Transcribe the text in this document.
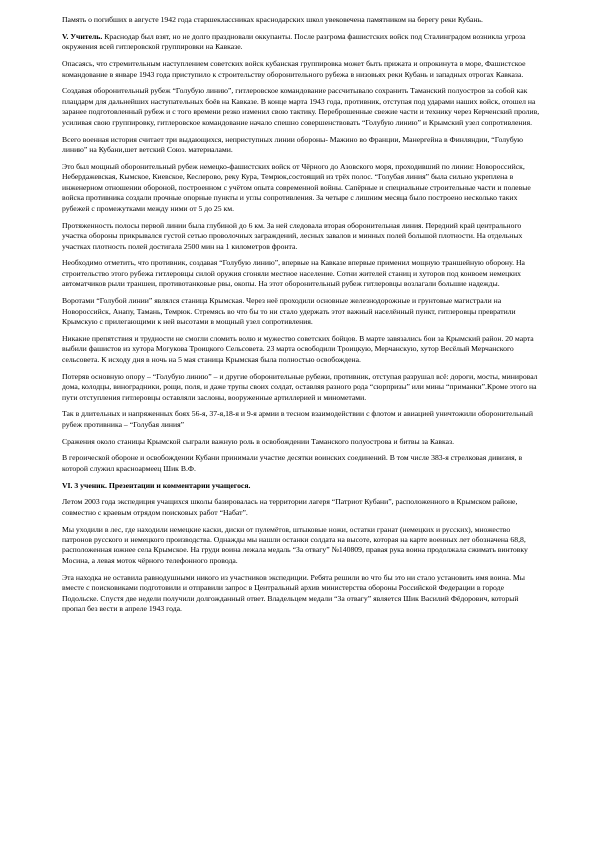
Память о погибших в августе 1942 года старшеклассниках краснодарских школ увековечена памятником на берегу реки Кубань.

V. Учитель. Краснодар был взят, но не долго праздновали оккупанты. После разгрома фашистских войск под Сталинградом возникла угроза окружения всей гитлеровской группировки на Кавказе.

Опасаясь, что стремительным наступлением советских войск кубанская группировка может быть прижата и опрокинута в море, Фашистское командование в январе 1943 года приступило к строительству оборонительного рубежа в низовьях реки Кубань и западных отрогах Кавказа.

Создавая оборонительный рубеж “Голубую линию”, гитлеровское командование рассчитывало сохранить Таманский полуостров за собой как плацдарм для дальнейших наступательных боёв на Кавказе. В конце марта 1943 года, противник, отступая под ударами наших войск, отошел на заранее подготовленный рубеж и с того времени резко изменил свою тактику. Переброшенные свежие части и технику через Керченский пролив, усиливая свою группировку, гитлеровское командование начало спешно совершенствовать “Голубую линию” и Крымский узел сопротивления.

Всего военная история считает три выдающихся, неприступных линии обороны- Мажино во Франции, Манергейна в Финляндии, “Голубую линию” на Кубани,шет ветский Союз. материалами.

Это был мощный оборонительный рубеж немецко-фашистских войск от Чёрного до Азовского моря, проходивший по линии: Новороссийск, Небердажевская, Кымское, Киевское, Кеслерово, реку Кура, Темрюк,состоящий из трёх полос. “Голубая линия” была сильно укреплена в инженерном отношении обороной, построенном с учётом опыта современной войны. Сапёрные и специальные строительные части и полевые войска противника создали прочные опорные пункты и углы сопротивления. За четыре с лишним месяца было построено несколько таких рубежей с промежутками между ними от 5 до 25 км.

Протяженность полосы первой линии была глубиной до 6 км. За ней следовала вторая оборонительная линия. Передний край центрального участка обороны прикрывался густой сетью проволочных заграждений, лесных завалов и минных полей большой плотности. На отдельных участках плотность полей достигала 2500 мин на 1 километров фронта.

Необходимо отметить, что противник, создавая “Голубую линию”, впервые на Кавказе впервые применил мощную траншейную оборону. На строительство этого рубежа гитлеровцы силой оружия сгоняли местное население. Сотни жителей станиц и хуторов под конвоем немецких автоматчиков рыли траншеи, противотанковые рвы, окопы. На этот оборонительный рубеж гитлеровцы возлагали большие надежды.

Воротами “Голубой линии” являлся станица Крымская. Через неё проходили основные железнодорожные и грунтовые магистрали на Новороссийск, Анапу, Тамань, Темрюк. Стремясь во что бы то ни стало удержать этот важный населённый пункт, гитлеровцы превратили Крымскую с прилегающими к ней высотами в мощный узел сопротивления.

Никакие препятствия и трудности не смогли сломить волю и мужество советских бойцов. В марте завязались бои за Крымский район. 20 марта выбили фашистов из хутора Могукова Троицкого Сельсовета. 23 марта освободили Троицкую, Мерчанскую, хутор Весёлый Мерчанского сельсовета. К исходу дня в ночь на 5 мая станица Крымская была полностью освобождена.

Потеряв основную опору – “Голубую линию” – и другие оборонительные рубежи, противник, отступая разрушал всё: дороги, мосты, минировал дома, колодцы, виноградники, рощи, поля, и даже трупы своих солдат, оставляя разного рода “сюрпризы” или мины “приманки”.Кроме этого на пути отступления гитлеровцы оставляли заслоны, вооруженные артиллерией и минометами.

Так в длительных и напряженных боях 56-я, 37-я,18-я и 9-я армии в тесном взаимодействии с флотом и авиацией уничтожили оборонительный рубеж противника – “Голубая линия”

Сражения около станицы Крымской сыграли важную роль в освобождении Таманского полуострова и битвы за Кавказ.

В героической обороне и освобождении Кубани принимали участие десятки воинских соединений. В том числе 383-я стрелковая дивизия, в которой служил красноармеец Шик В.Ф.

VI. 3 ученик. Презентации и комментарии учащегося.

Летом 2003 года экспедиция учащихся школы базировалась на территории лагеря “Патриот Кубани”, расположенного в Крымском районе, совместно с краевым отрядом поисковых работ “Набат”.

Мы уходили в лес, где находили немецкие каски, диски от пулемётов, штыковые ножи, остатки гранат (немецких и русских), множество патронов русского и немецкого производства. Однажды мы нашли останки солдата на высоте, которая на карте военных лет обозначена 68,8, расположенная южнее села Крымское. На груди воина лежала медаль “За отвагу” №140809, правая рука воина продолжала сжимать винтовку Мосина, а левая моток чёрного телефонного провода.

Эта находка не оставила равнодушными никого из участников экспедиции. Ребята решили во что бы это ни стало установить имя воина. Мы вместе с поисковиками подготовили и отправили запрос в Центральный архив министерства обороны Российской Федерации в городе Подольске. Спустя две недели получили долгожданный ответ. Владельцем медали “За отвагу” является Шик Василий Фёдорович, который пропал без вести в апреле 1943 года.
